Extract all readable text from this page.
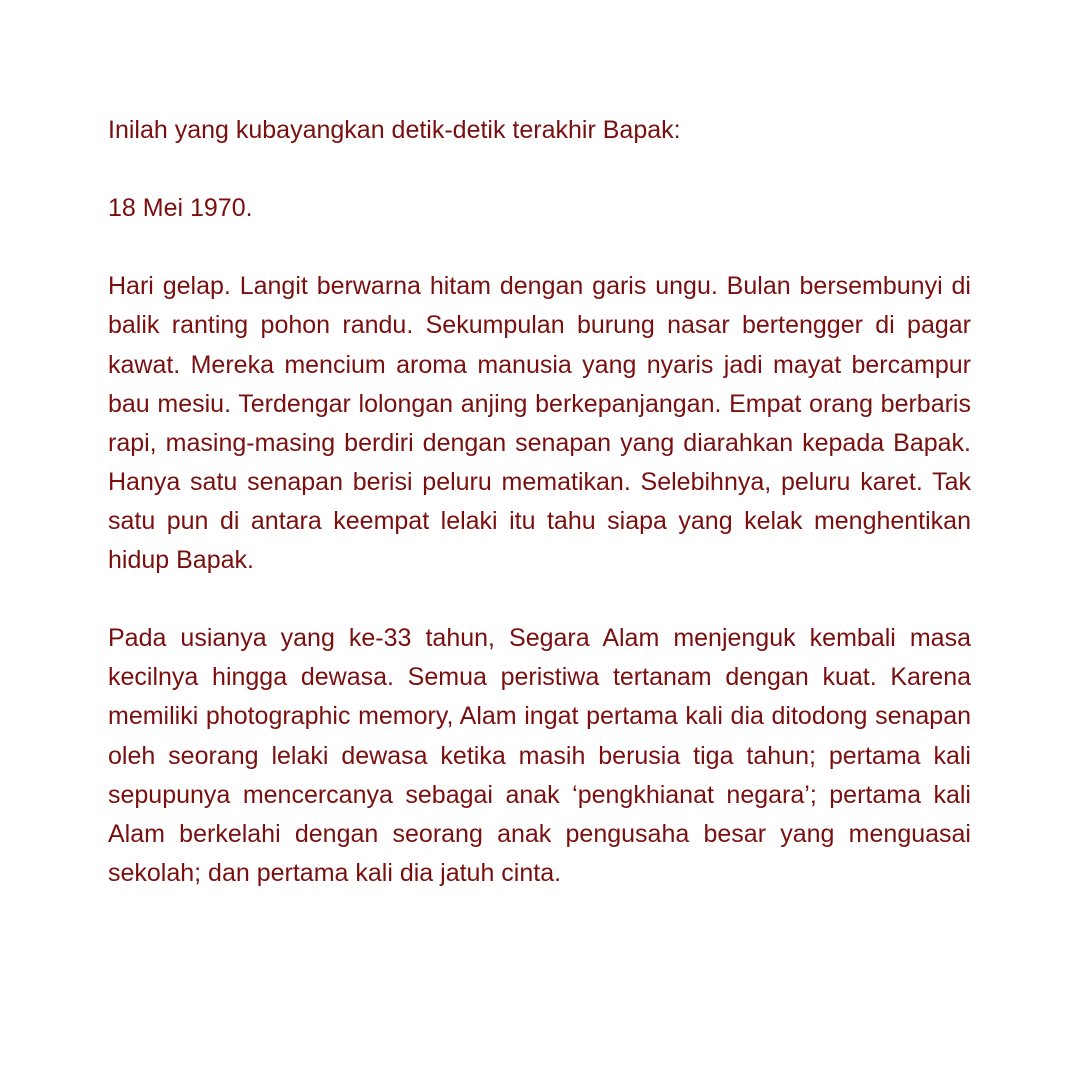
Inilah yang kubayangkan detik-detik terakhir Bapak:

18 Mei 1970.

Hari gelap. Langit berwarna hitam dengan garis ungu. Bulan bersembunyi di balik ranting pohon randu. Sekumpulan burung nasar bertengger di pagar kawat. Mereka mencium aroma manusia yang nyaris jadi mayat bercampur bau mesiu. Terdengar lolongan anjing berkepanjangan. Empat orang berbaris rapi, masing-masing berdiri dengan senapan yang diarahkan kepada Bapak. Hanya satu senapan berisi peluru mematikan. Selebihnya, peluru karet. Tak satu pun di antara keempat lelaki itu tahu siapa yang kelak menghentikan hidup Bapak.

Pada usianya yang ke-33 tahun, Segara Alam menjenguk kembali masa kecilnya hingga dewasa. Semua peristiwa tertanam dengan kuat. Karena memiliki photographic memory, Alam ingat pertama kali dia ditodong senapan oleh seorang lelaki dewasa ketika masih berusia tiga tahun; pertama kali sepupunya mencercanya sebagai anak ‘pengkhianat negara’; pertama kali Alam berkelahi dengan seorang anak pengusaha besar yang menguasai sekolah; dan pertama kali dia jatuh cinta.
